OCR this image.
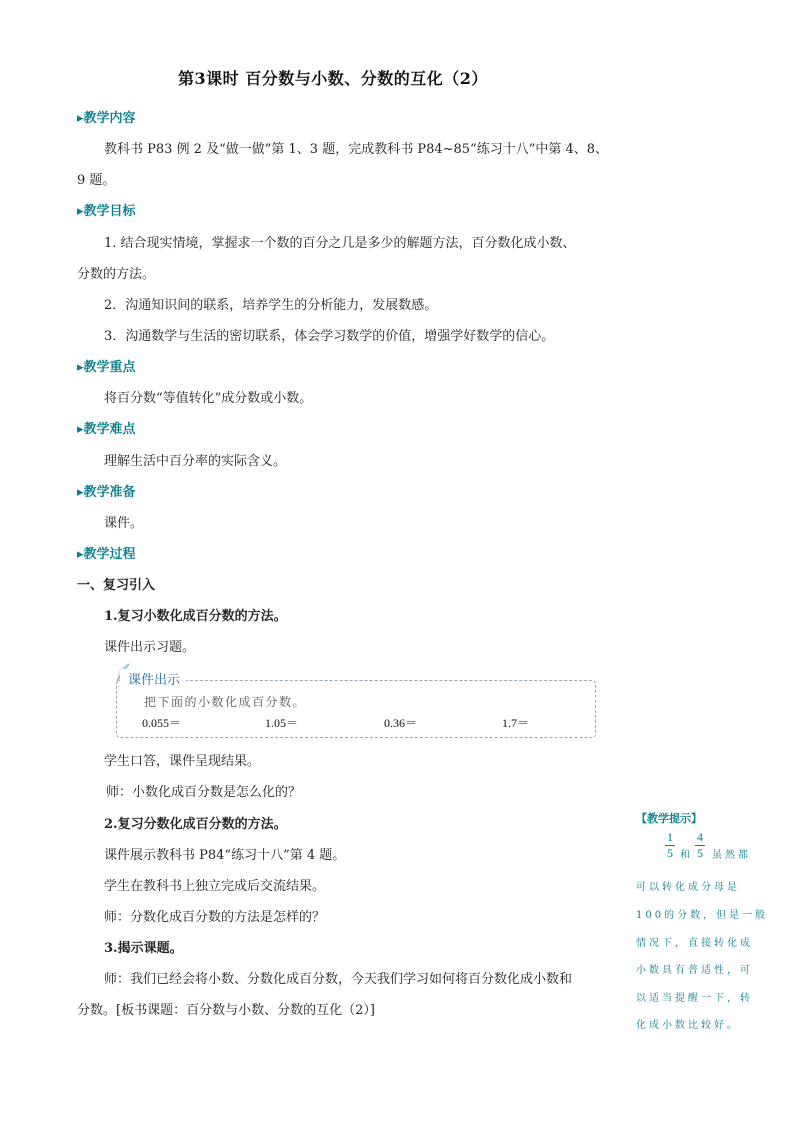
第3课时 百分数与小数、分数的互化（2）
▸教学内容
教科书 P83 例 2 及“做一做”第 1、3 题，完成教科书 P84~85“练习十八”中第 4、8、
9 题。
▸教学目标
1. 结合现实情境，掌握求一个数的百分之几是多少的解题方法，百分数化成小数、
分数的方法。
2．沟通知识间的联系，培养学生的分析能力，发展数感。
3．沟通数学与生活的密切联系，体会学习数学的价值，增强学好数学的信心。
▸教学重点
将百分数“等值转化”成分数或小数。
▸教学难点
理解生活中百分率的实际含义。
▸教学准备
课件。
▸教学过程
一、复习引入
1.复习小数化成百分数的方法。
课件出示习题。
课件出示
把下面的小数化成百分数。
0.055＝	1.05＝	0.36＝	1.7＝
学生口答，课件呈现结果。
师：小数化成百分数是怎么化的？
2.复习分数化成百分数的方法。
课件展示教科书 P84“练习十八”第 4 题。
学生在教科书上独立完成后交流结果。
师：分数化成百分数的方法是怎样的？
3.揭示课题。
师：我们已经会将小数、分数化成百分数，今天我们学习如何将百分数化成小数和
分数。[板书课题：百分数与小数、分数的互化（2）]
【教学提示】
1
5 和
4
5 虽然都
可以转化成分母是
100的分数，但是一般
情况下，直接转化成
小数具有普适性，可
以适当提醒一下，转
化成小数比较好。
